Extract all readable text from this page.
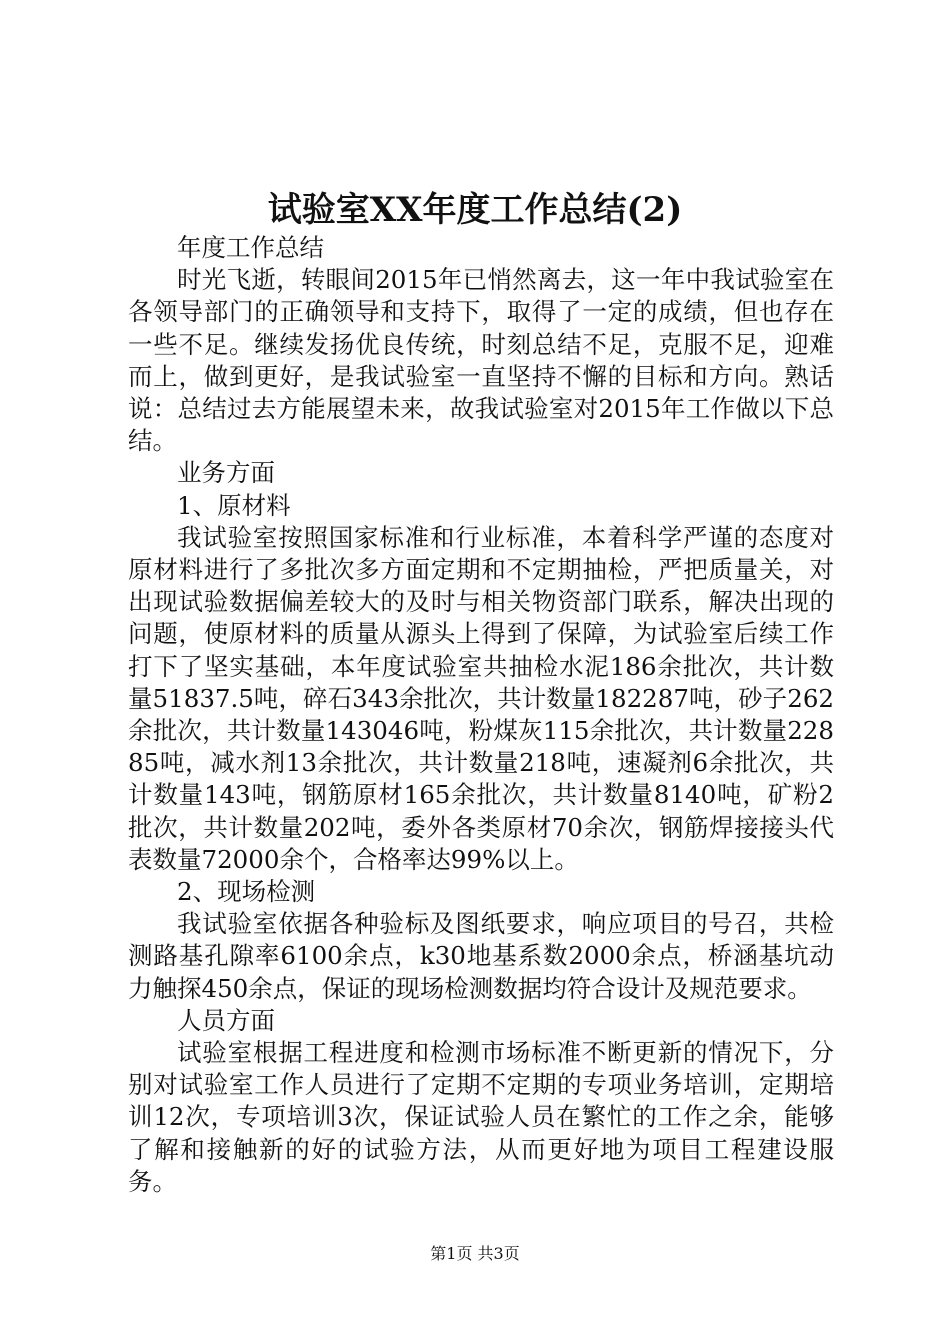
试验室XX年度工作总结(2)

年度工作总结

时光飞逝，转眼间2015年已悄然离去，这一年中我试验室在各领导部门的正确领导和支持下，取得了一定的成绩，但也存在一些不足。继续发扬优良传统，时刻总结不足，克服不足，迎难而上，做到更好，是我试验室一直坚持不懈的目标和方向。熟话说：总结过去方能展望未来，故我试验室对2015年工作做以下总结。

业务方面

1、原材料

我试验室按照国家标准和行业标准，本着科学严谨的态度对原材料进行了多批次多方面定期和不定期抽检，严把质量关，对出现试验数据偏差较大的及时与相关物资部门联系，解决出现的问题，使原材料的质量从源头上得到了保障，为试验室后续工作打下了坚实基础，本年度试验室共抽检水泥186余批次，共计数量51837.5吨，碎石343余批次，共计数量182287吨，砂子262余批次，共计数量143046吨，粉煤灰115余批次，共计数量22885吨，减水剂13余批次，共计数量218吨，速凝剂6余批次，共计数量143吨，钢筋原材165余批次，共计数量8140吨，矿粉2批次，共计数量202吨，委外各类原材70余次，钢筋焊接接头代表数量72000余个，合格率达99%以上。

2、现场检测

我试验室依据各种验标及图纸要求，响应项目的号召，共检测路基孔隙率6100余点，k30地基系数2000余点，桥涵基坑动力触探450余点，保证的现场检测数据均符合设计及规范要求。

人员方面

试验室根据工程进度和检测市场标准不断更新的情况下，分别对试验室工作人员进行了定期不定期的专项业务培训，定期培训12次，专项培训3次，保证试验人员在繁忙的工作之余，能够了解和接触新的好的试验方法，从而更好地为项目工程建设服务。

第1页 共3页
